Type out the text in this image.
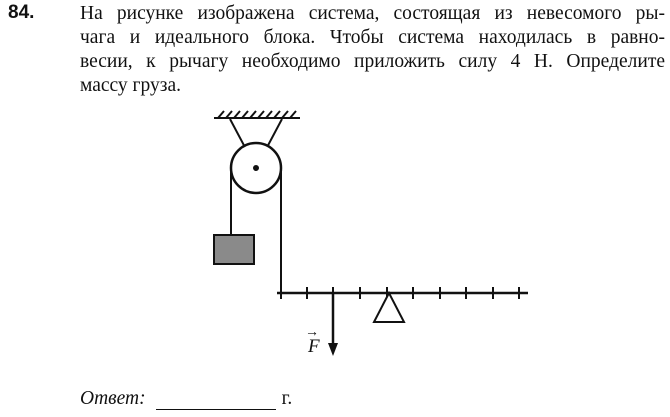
84. На рисунке изображена система, состоящая из невесомого ры-
чага и идеального блока. Чтобы система находилась в равно-
весии, к рычагу необходимо приложить силу 4 Н. Определите
массу груза.
→
F
Ответ:	г.
